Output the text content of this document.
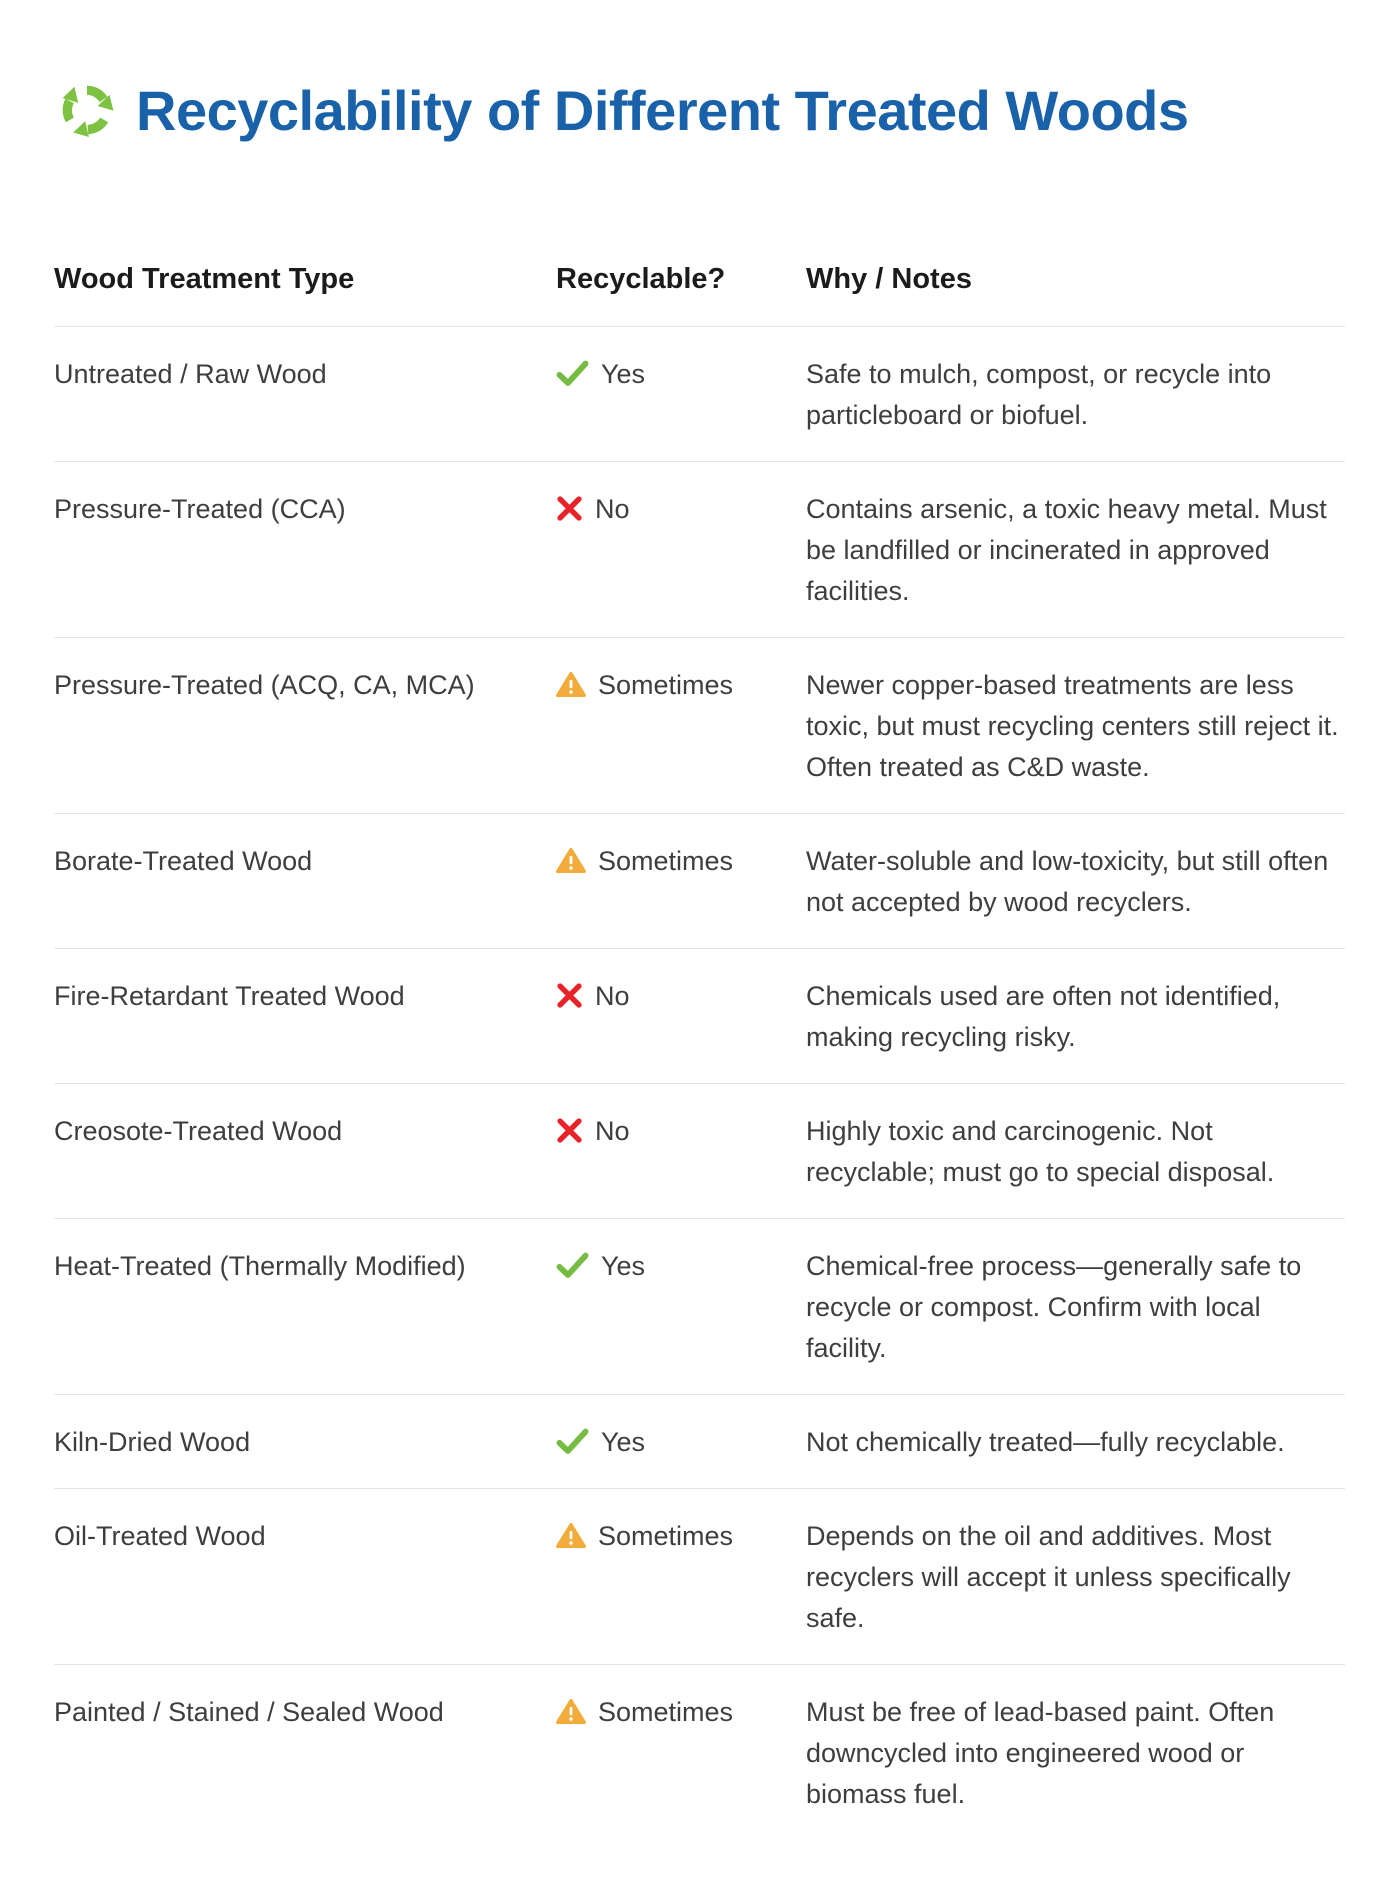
Recyclability of Different Treated Woods
Wood Treatment Type	Recyclable?	Why / Notes
Untreated / Raw Wood	Yes	Safe to mulch, compost, or recycle into particleboard or biofuel.
Pressure-Treated (CCA)	No	Contains arsenic, a toxic heavy metal. Must be landfilled or incinerated in approved facilities.
Pressure-Treated (ACQ, CA, MCA)	Sometimes	Newer copper-based treatments are less toxic, but must recycling centers still reject it. Often treated as C&D waste.
Borate-Treated Wood	Sometimes	Water-soluble and low-toxicity, but still often not accepted by wood recyclers.
Fire-Retardant Treated Wood	No	Chemicals used are often not identified, making recycling risky.
Creosote-Treated Wood	No	Highly toxic and carcinogenic. Not recyclable; must go to special disposal.
Heat-Treated (Thermally Modified)	Yes	Chemical-free process—generally safe to recycle or compost. Confirm with local facility.
Kiln-Dried Wood	Yes	Not chemically treated—fully recyclable.
Oil-Treated Wood	Sometimes	Depends on the oil and additives. Most recyclers will accept it unless specifically safe.
Painted / Stained / Sealed Wood	Sometimes	Must be free of lead-based paint. Often downcycled into engineered wood or biomass fuel.
